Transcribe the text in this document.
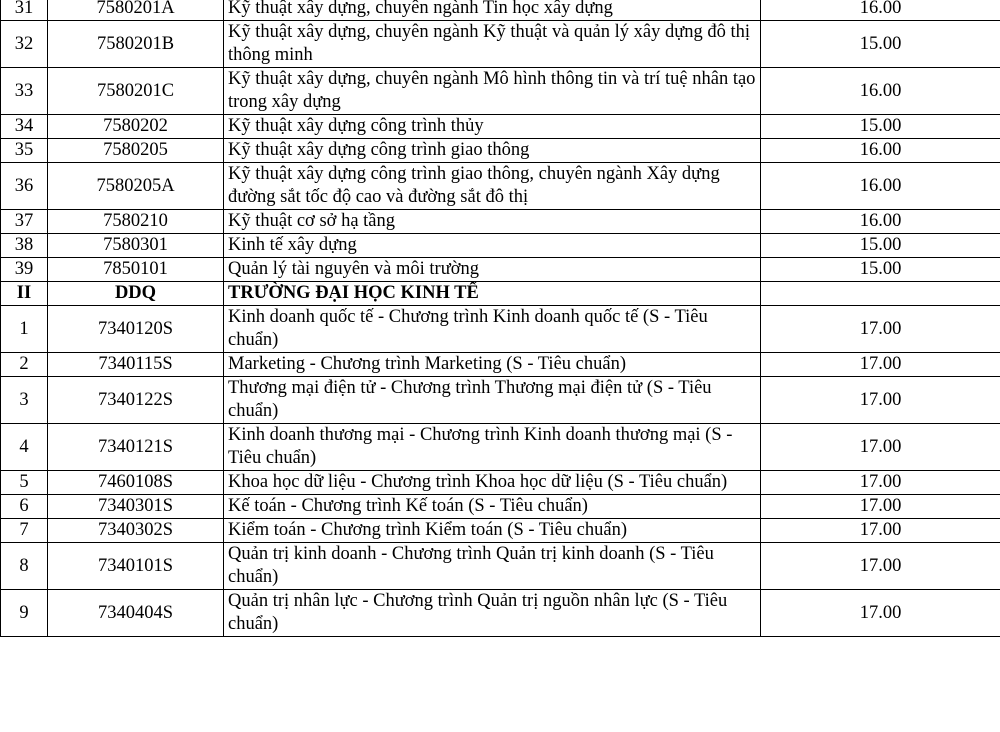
31	7580201A	Kỹ thuật xây dựng, chuyên ngành Tin học xây dựng	16.00
32	7580201B	Kỹ thuật xây dựng, chuyên ngành Kỹ thuật và quản lý xây dựng đô thị thông minh	15.00
33	7580201C	Kỹ thuật xây dựng, chuyên ngành Mô hình thông tin và trí tuệ nhân tạo trong xây dựng	16.00
34	7580202	Kỹ thuật xây dựng công trình thủy	15.00
35	7580205	Kỹ thuật xây dựng công trình giao thông	16.00
36	7580205A	Kỹ thuật xây dựng công trình giao thông, chuyên ngành Xây dựng đường sắt tốc độ cao và đường sắt đô thị	16.00
37	7580210	Kỹ thuật cơ sở hạ tầng	16.00
38	7580301	Kinh tế xây dựng	15.00
39	7850101	Quản lý tài nguyên và môi trường	15.00
II	DDQ	TRƯỜNG ĐẠI HỌC KINH TẾ	
1	7340120S	Kinh doanh quốc tế - Chương trình Kinh doanh quốc tế (S - Tiêu chuẩn)	17.00
2	7340115S	Marketing - Chương trình Marketing (S - Tiêu chuẩn)	17.00
3	7340122S	Thương mại điện tử - Chương trình Thương mại điện tử (S - Tiêu chuẩn)	17.00
4	7340121S	Kinh doanh thương mại - Chương trình Kinh doanh thương mại (S - Tiêu chuẩn)	17.00
5	7460108S	Khoa học dữ liệu - Chương trình Khoa học dữ liệu (S - Tiêu chuẩn)	17.00
6	7340301S	Kế toán - Chương trình Kế toán (S - Tiêu chuẩn)	17.00
7	7340302S	Kiểm toán - Chương trình Kiểm toán (S - Tiêu chuẩn)	17.00
8	7340101S	Quản trị kinh doanh - Chương trình Quản trị kinh doanh (S - Tiêu chuẩn)	17.00
9	7340404S	Quản trị nhân lực - Chương trình Quản trị nguồn nhân lực (S - Tiêu chuẩn)	17.00
